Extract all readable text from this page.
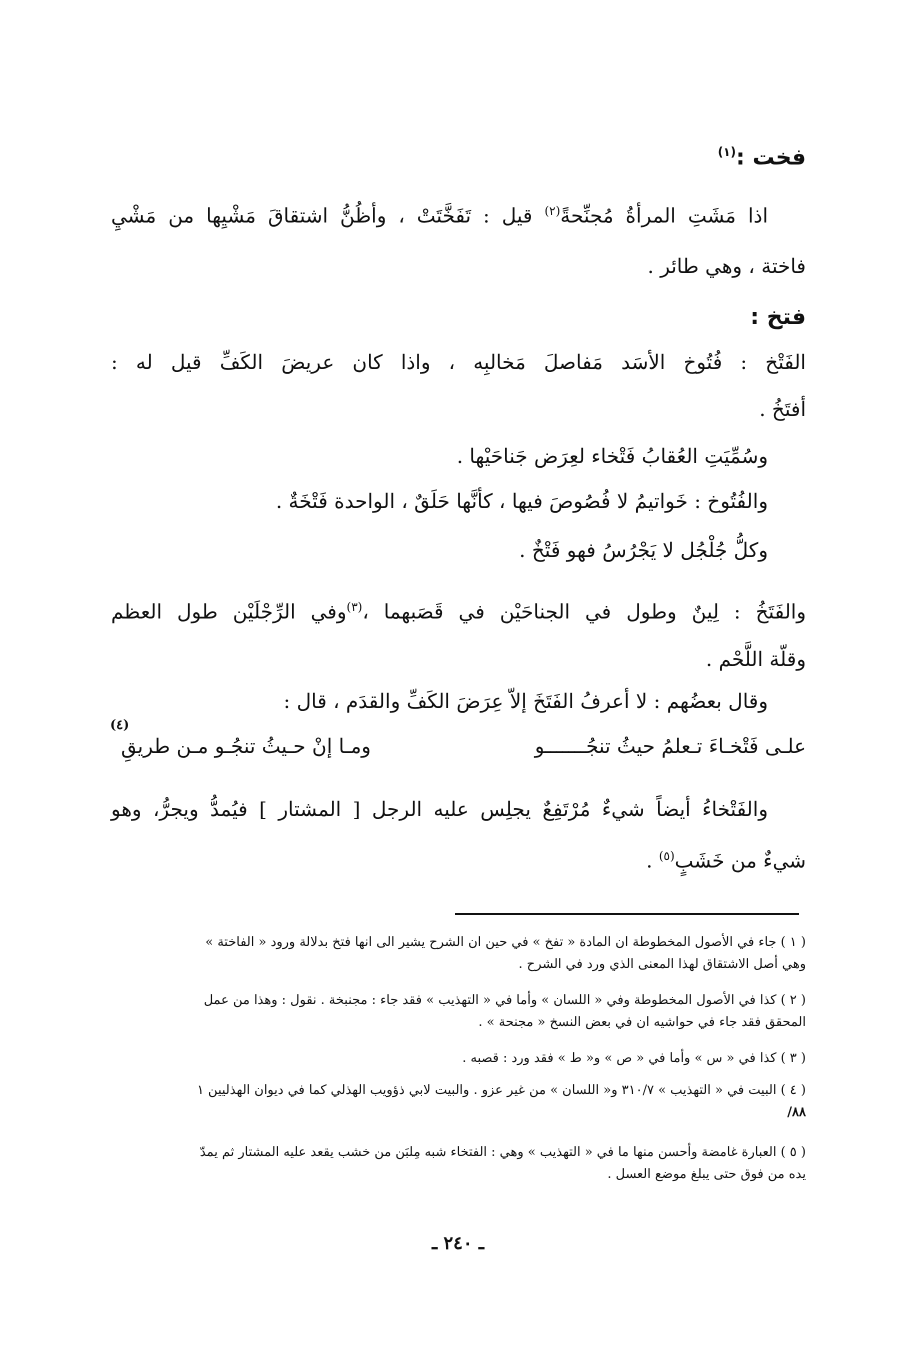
فخت :$^{(١)}$
اذا مَشَتِ المرأةُ مُجنِّحةً$^{(٢)}$ قيل : تَفَخَّتَتْ ، وأظُنُّ اشتقاقَ مَشْيِها من مَشْيِ
فاختة ، وهي طائر .
فتخ :
الفَتْخ : فُتُوخ الأسَد مَفاصلَ مَخالبِه ، واذا كان عريضَ الكَفِّ قيل له :
أفتَخُ .
وسُمِّيَتِ العُقابُ فَتْخاء لعِرَض جَناحَيْها .
والفُتُوخ : خَواتيمُ لا فُصُوصَ فيها ، كأنَّها حَلَقٌ ، الواحدة فَتْخَةٌ .
وكلُّ جُلْجُل لا يَجْرُسُ فهو فَتْخٌ .
والفَتَخُ : لِينٌ وطول في الجناحَيْن في قَصَبهما ،$^{(٣)}$وفي الرِّجْلَيْن طول العظم
وقلّة اللَّحْم .
وقال بعضُهم : لا أعرفُ الفَتَخَ إلاّ عِرَضَ الكَفِّ والقدَم ، قال :
(٤)
علـى فَتْخـاءَ تـعلمُ حيثُ تنجُـــــــو
ومـا إنْ حـيثُ تنجُـو مـن طريقِ
والفَتْخاءُ أيضاً شيءٌ مُرْتَفِعٌ يجلِس عليه الرجل [ المشتار ] فيُمدُّ ويجرُّ، وهو
شيءٌ من خَشَبٍ$^{(٥)}$ .
( ١ ) جاء في الأصول المخطوطة ان المادة « تفخ » في حين ان الشرح يشير الى انها فتخ بدلالة ورود « الفاختة »
وهي أصل الاشتقاق لهذا المعنى الذي ورد في الشرح .
( ٢ ) كذا في الأصول المخطوطة وفي « اللسان » وأما في « التهذيب » فقد جاء : مجنبخة . نقول : وهذا من عمل
المحقق فقد جاء في حواشيه ان في بعض النسخ « مجنحة » .
( ٣ ) كذا في « س » وأما في « ص » و« ط » فقد ورد : قصبه .
( ٤ ) البيت في « التهذيب » ٣١٠/٧ و« اللسان » من غير عزو . والبيت لابي ذؤويب الهذلي كما في ديوان الهذليين ١
٨٨/
( ٥ ) العبارة غامضة وأحسن منها ما في « التهذيب » وهي : الفتخاء شبه مِلبَن من خشب يقعد عليه المشتار ثم يمدّ
يده من فوق حتى يبلغ موضع العسل .
ـ ٢٤٠ ـ
